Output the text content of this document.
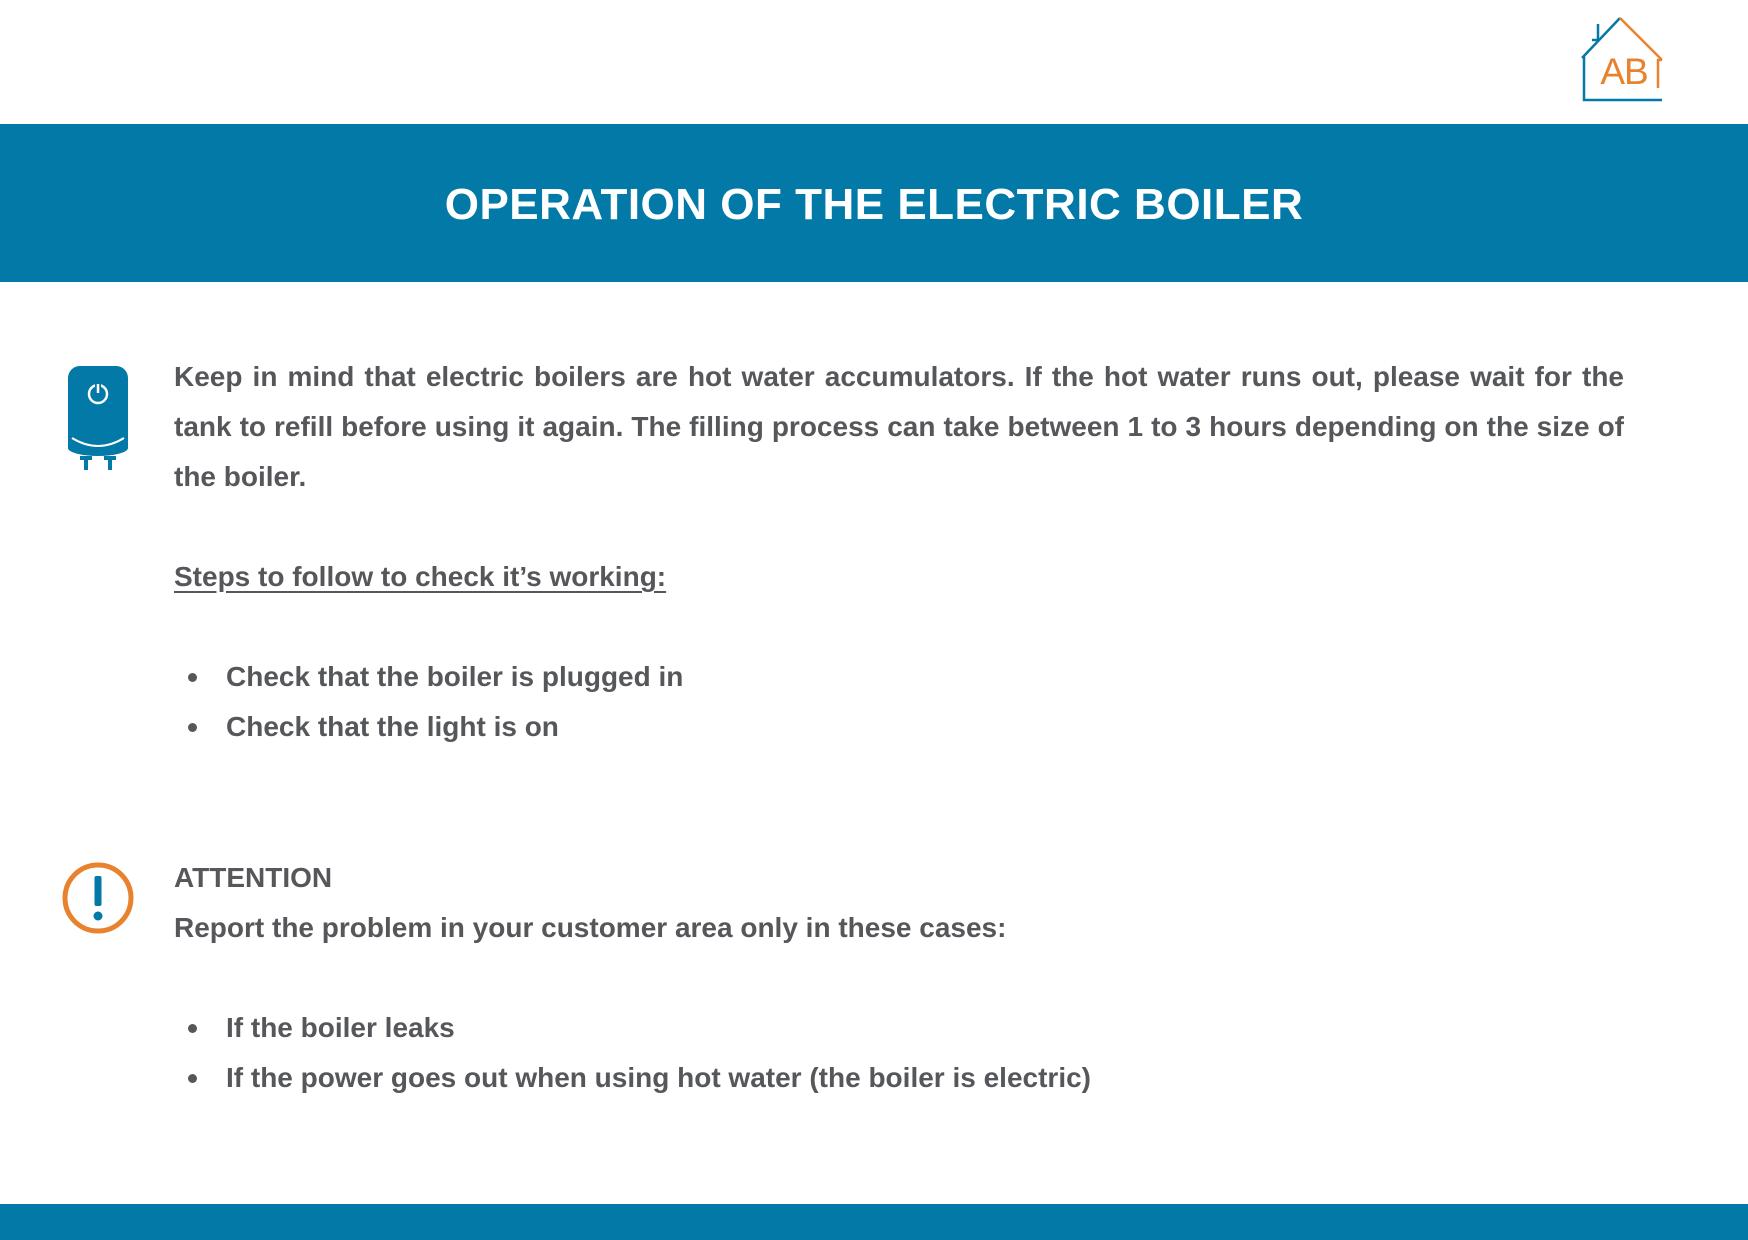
AB
OPERATION OF THE ELECTRIC BOILER

Keep in mind that electric boilers are hot water accumulators. If the hot water runs out, please wait for the tank to refill before using it again. The filling process can take between 1 to 3 hours depending on the size of the boiler.

Steps to follow to check it’s working:

Check that the boiler is plugged in
Check that the light is on

ATTENTION

Report the problem in your customer area only in these cases:

If the boiler leaks
If the power goes out when using hot water (the boiler is electric)
